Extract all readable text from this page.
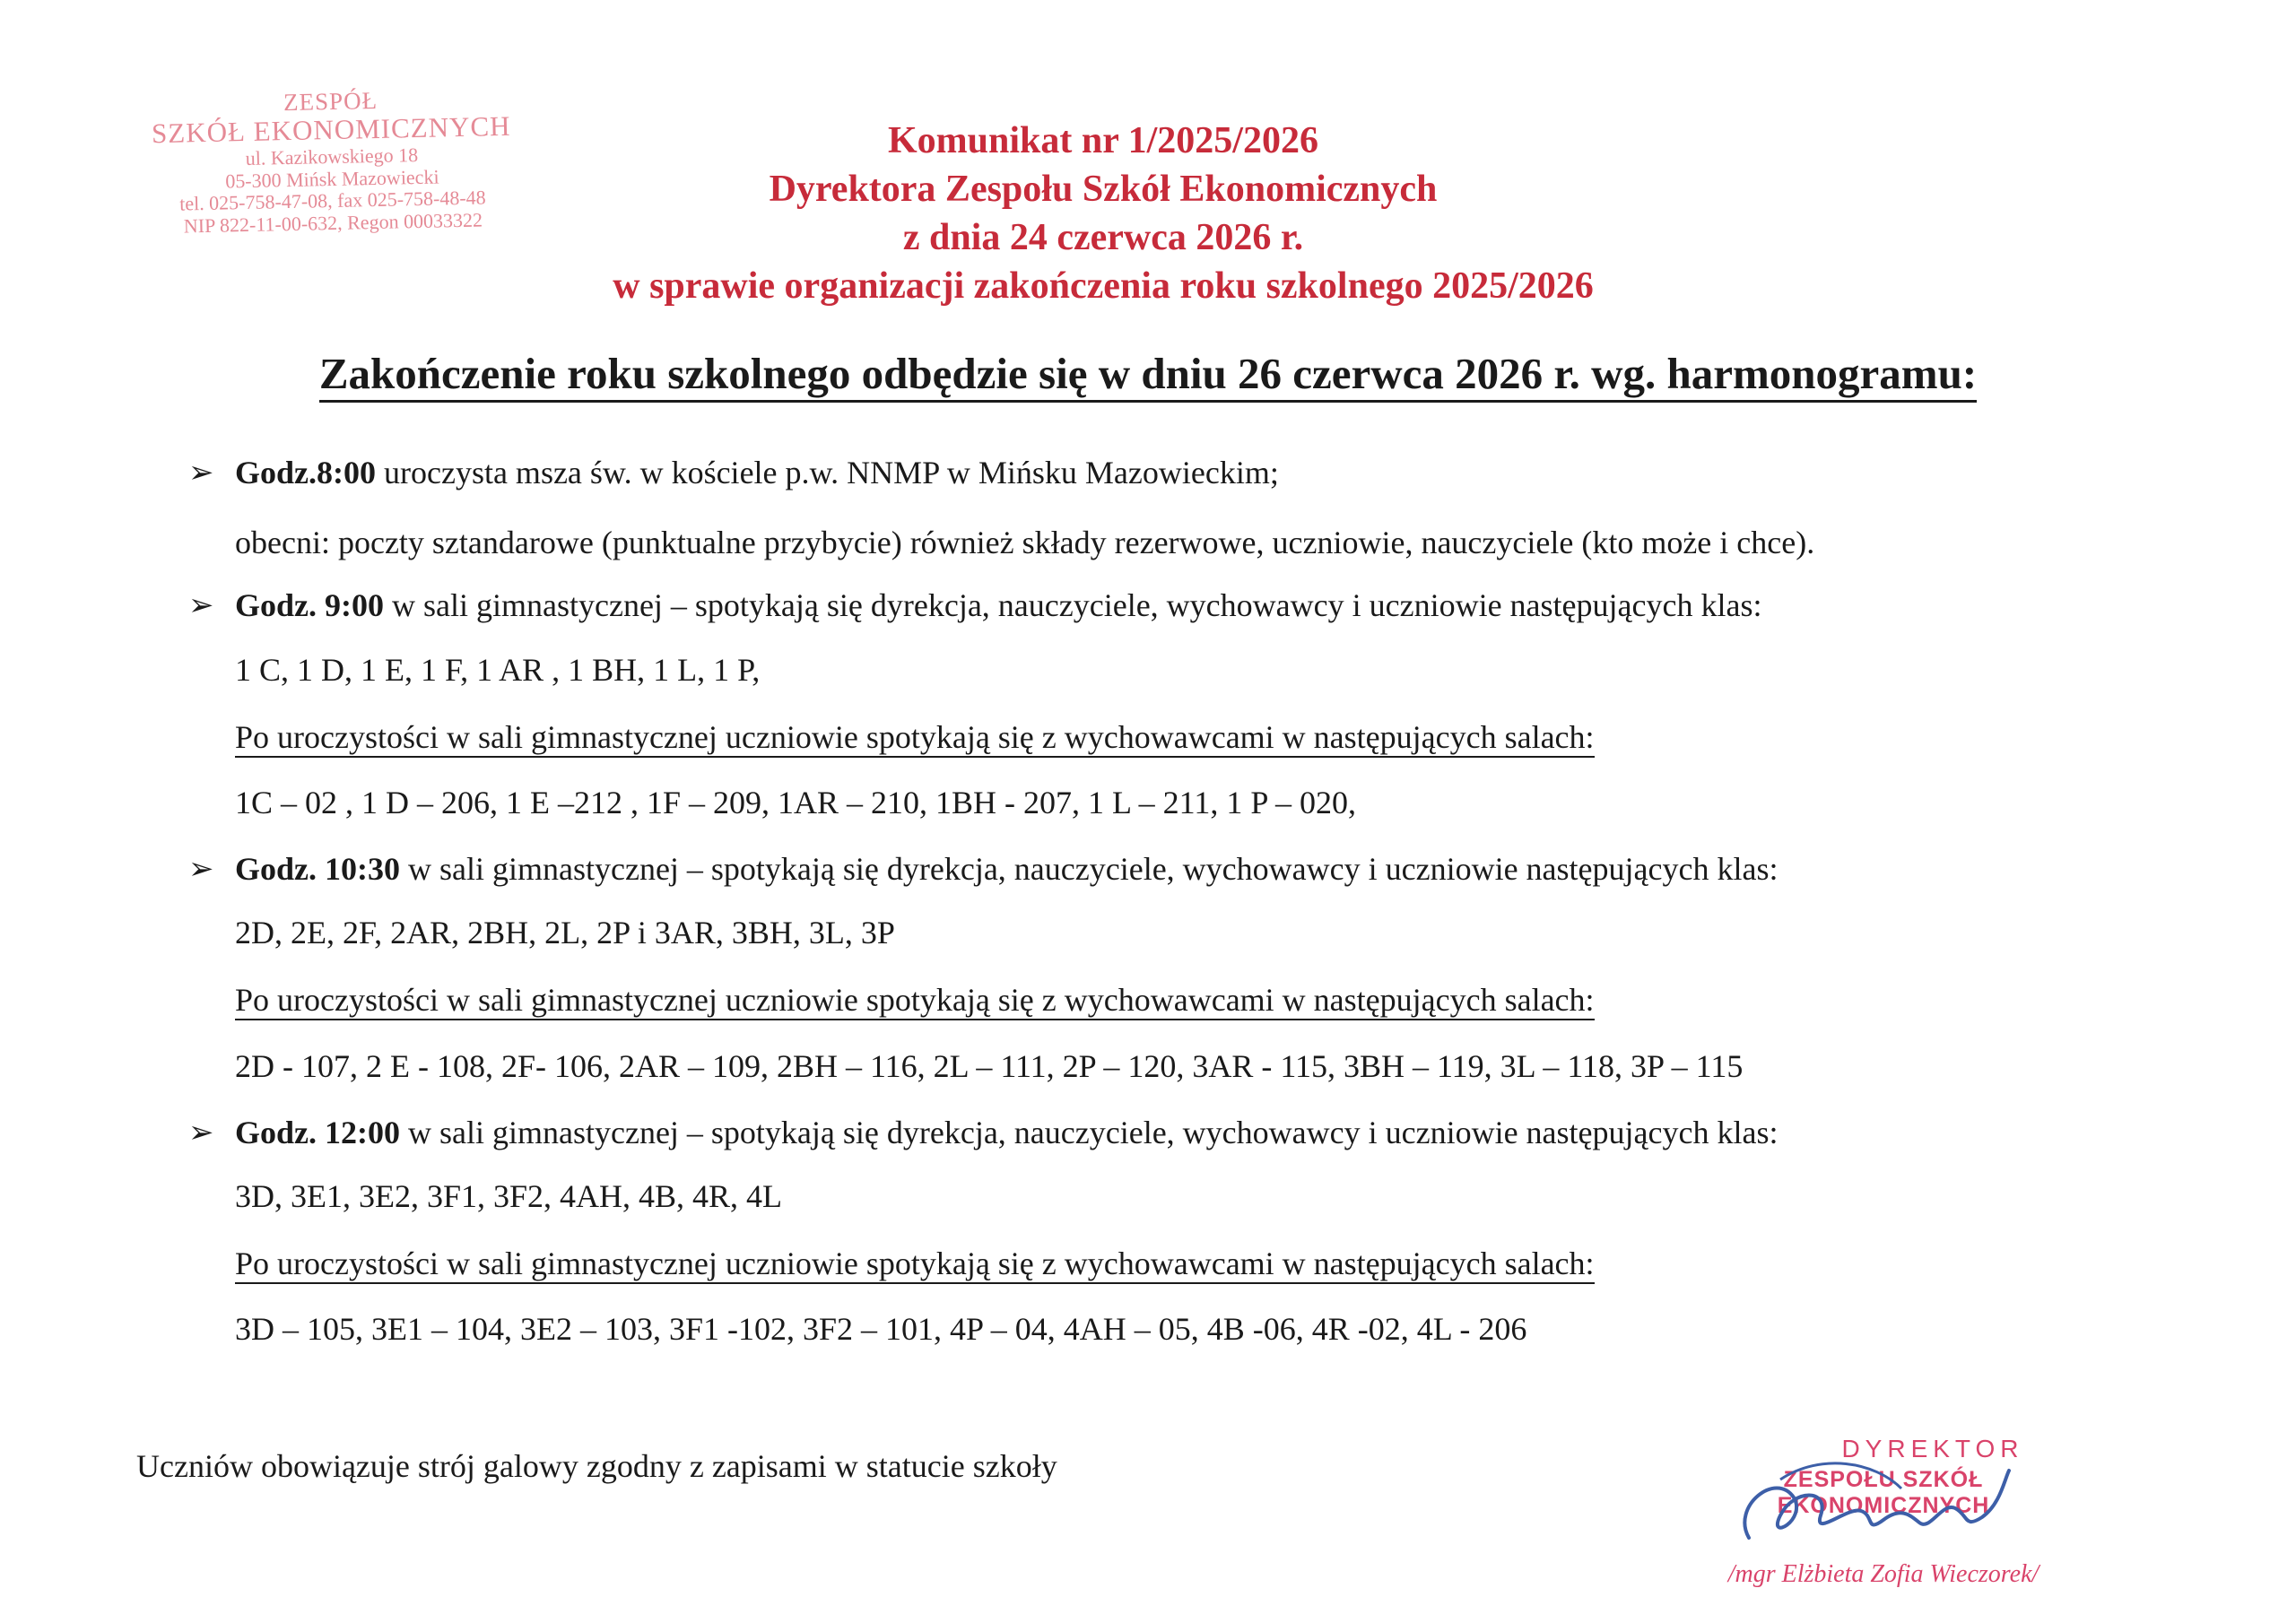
ZESPÓŁ
SZKÓŁ EKONOMICZNYCH
ul. Kazikowskiego 18
05-300 Mińsk Mazowiecki
tel. 025-758-47-08, fax 025-758-48-48
NIP 822-11-00-632, Regon 00033322
Komunikat nr 1/2025/2026
Dyrektora Zespołu Szkół Ekonomicznych
z dnia 24 czerwca 2026 r.
w sprawie organizacji zakończenia roku szkolnego 2025/2026
Zakończenie roku szkolnego odbędzie się w dniu 26 czerwca 2026 r. wg. harmonogramu:
➢ Godz.8:00 uroczysta msza św. w kościele p.w. NNMP w Mińsku Mazowieckim;
obecni: poczty sztandarowe (punktualne przybycie) również składy rezerwowe, uczniowie, nauczyciele (kto może i chce).
➢ Godz. 9:00 w sali gimnastycznej – spotykają się dyrekcja, nauczyciele, wychowawcy i uczniowie następujących klas:
1 C, 1 D, 1 E, 1 F, 1 AR , 1 BH, 1 L, 1 P,
Po uroczystości w sali gimnastycznej uczniowie spotykają się z wychowawcami w następujących salach:
1C – 02 , 1 D – 206, 1 E –212 , 1F – 209, 1AR – 210, 1BH - 207, 1 L – 211, 1 P – 020,
➢ Godz. 10:30 w sali gimnastycznej – spotykają się dyrekcja, nauczyciele, wychowawcy i uczniowie następujących klas:
2D, 2E, 2F, 2AR, 2BH, 2L, 2P i 3AR, 3BH, 3L, 3P
Po uroczystości w sali gimnastycznej uczniowie spotykają się z wychowawcami w następujących salach:
2D - 107, 2 E - 108, 2F- 106, 2AR – 109, 2BH – 116, 2L – 111, 2P – 120, 3AR - 115, 3BH – 119, 3L – 118, 3P – 115
➢ Godz. 12:00 w sali gimnastycznej – spotykają się dyrekcja, nauczyciele, wychowawcy i uczniowie następujących klas:
3D, 3E1, 3E2, 3F1, 3F2, 4AH, 4B, 4R, 4L
Po uroczystości w sali gimnastycznej uczniowie spotykają się z wychowawcami w następujących salach:
3D – 105, 3E1 – 104, 3E2 – 103, 3F1 -102, 3F2 – 101, 4P – 04, 4AH – 05, 4B -06, 4R -02, 4L - 206
Uczniów obowiązuje strój galowy zgodny z zapisami w statucie szkoły	DYREKTOR
ZESPOŁU SZKÓŁ EKONOMICZNYCH
/mgr Elżbieta Zofia Wieczorek/
